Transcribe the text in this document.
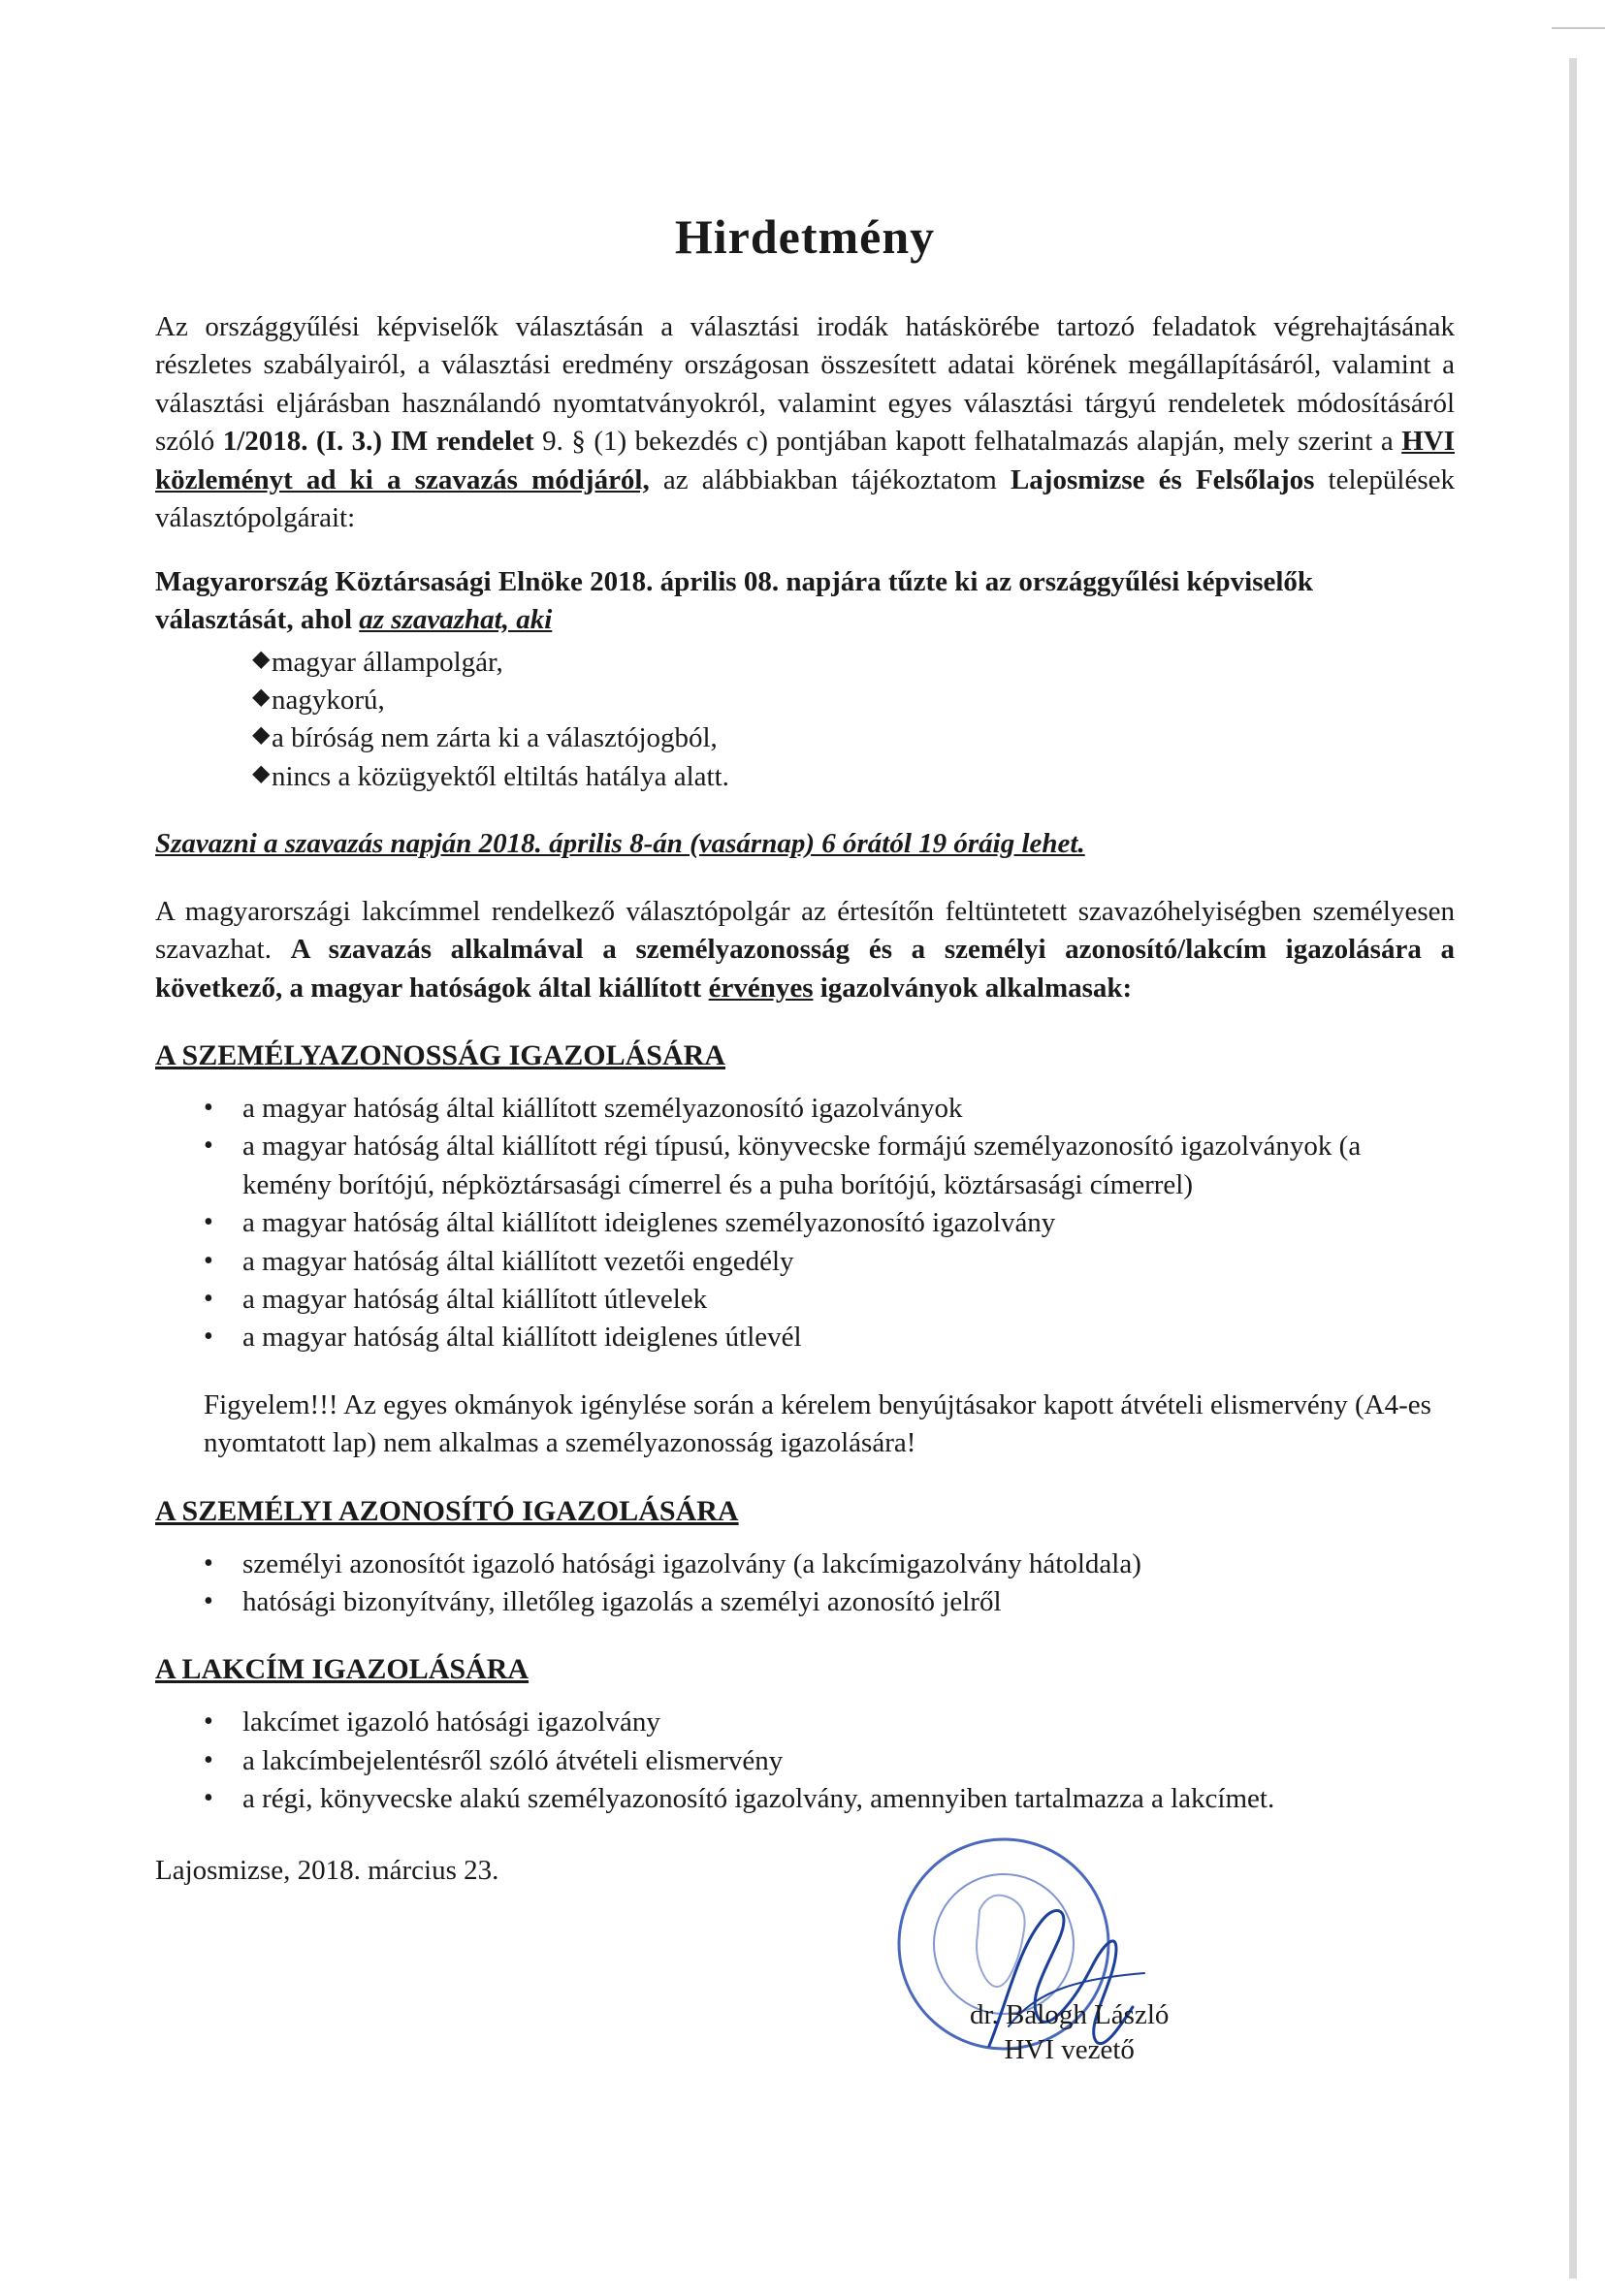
Hirdetmény

Az országgyűlési képviselők választásán a választási irodák hatáskörébe tartozó feladatok végrehajtásának részletes szabályairól, a választási eredmény országosan összesített adatai körének megállapításáról, valamint a választási eljárásban használandó nyomtatványokról, valamint egyes választási tárgyú rendeletek módosításáról szóló 1/2018. (I. 3.) IM rendelet 9. § (1) bekezdés c) pontjában kapott felhatalmazás alapján, mely szerint a HVI közleményt ad ki a szavazás módjáról, az alábbiakban tájékoztatom Lajosmizse és Felsőlajos települések választópolgárait:

Magyarország Köztársasági Elnöke 2018. április 08. napjára tűzte ki az országgyűlési képviselők választását, ahol az szavazhat, aki

◆ magyar állampolgár,
◆ nagykorú,
◆ a bíróság nem zárta ki a választójogból,
◆ nincs a közügyektől eltiltás hatálya alatt.

Szavazni a szavazás napján 2018. április 8-án (vasárnap) 6 órától 19 óráig lehet.

A magyarországi lakcímmel rendelkező választópolgár az értesítőn feltüntetett szavazóhelyiségben személyesen szavazhat. A szavazás alkalmával a személyazonosság és a személyi azonosító/lakcím igazolására a következő, a magyar hatóságok által kiállított érvényes igazolványok alkalmasak:

A SZEMÉLYAZONOSSÁG IGAZOLÁSÁRA
• a magyar hatóság által kiállított személyazonosító igazolványok
• a magyar hatóság által kiállított régi típusú, könyvecske formájú személyazonosító igazolványok (a kemény borítójú, népköztársasági címerrel és a puha borítójú, köztársasági címerrel)
• a magyar hatóság által kiállított ideiglenes személyazonosító igazolvány
• a magyar hatóság által kiállított vezetői engedély
• a magyar hatóság által kiállított útlevelek
• a magyar hatóság által kiállított ideiglenes útlevél

Figyelem!!! Az egyes okmányok igénylése során a kérelem benyújtásakor kapott átvételi elismervény (A4-es nyomtatott lap) nem alkalmas a személyazonosság igazolására!

A SZEMÉLYI AZONOSÍTÓ IGAZOLÁSÁRA
• személyi azonosítót igazoló hatósági igazolvány (a lakcímigazolvány hátoldala)
• hatósági bizonyítvány, illetőleg igazolás a személyi azonosító jelről
A LAKCÍM IGAZOLÁSÁRA
• lakcímet igazoló hatósági igazolvány
• a lakcímbejelentésről szóló átvételi elismervény
• a régi, könyvecske alakú személyazonosító igazolvány, amennyiben tartalmazza a lakcímet.
Lajosmizse, 2018. március 23.
dr. Balogh László
HVI vezető
